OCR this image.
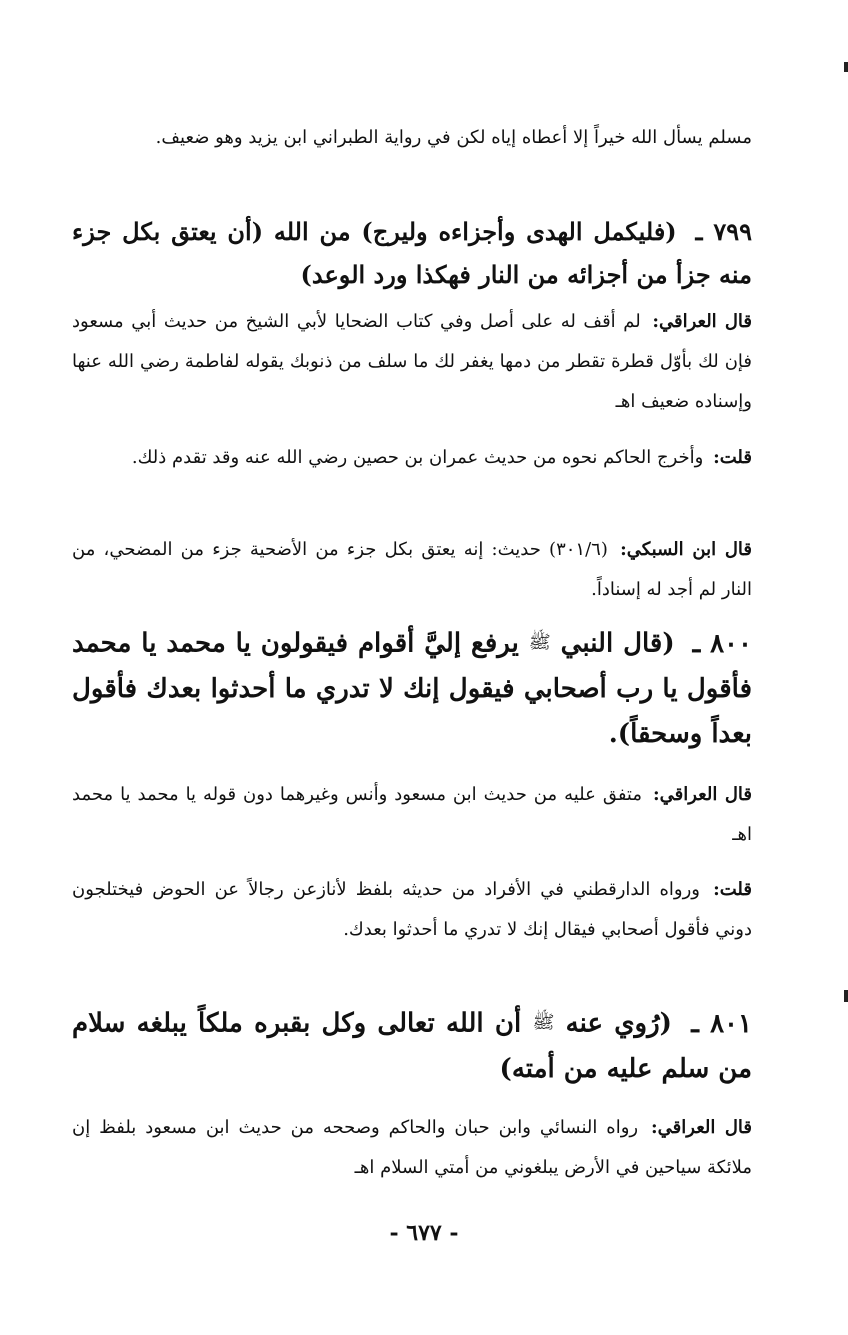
مسلم يسأل الله خيراً إلا أعطاه إياه لكن في رواية الطبراني ابن يزيد وهو ضعيف.
٧٩٩ ـ (فليكمل الهدى وأجزاءه وليرج) من الله (أن يعتق بكل جزء منه جزأ من أجزائه من النار فهكذا ورد الوعد)
قال العراقي: لم أقف له على أصل وفي كتاب الضحايا لأبي الشيخ من حديث أبي مسعود فإن لك بأوّل قطرة تقطر من دمها يغفر لك ما سلف من ذنوبك يقوله لفاطمة رضي الله عنها وإسناده ضعيف اهـ
قلت: وأخرج الحاكم نحوه من حديث عمران بن حصين رضي الله عنه وقد تقدم ذلك.
قال ابن السبكي: (٣٠١/٦) حديث: إنه يعتق بكل جزء من الأضحية جزء من المضحي، من النار لم أجد له إسناداً.
٨٠٠ ـ (قال النبي ﷺ يرفع إليَّ أقوام فيقولون يا محمد يا محمد فأقول يا رب أصحابي فيقول إنك لا تدري ما أحدثوا بعدك فأقول بعداً وسحقاً).
قال العراقي: متفق عليه من حديث ابن مسعود وأنس وغيرهما دون قوله يا محمد يا محمد اهـ
قلت: ورواه الدارقطني في الأفراد من حديثه بلفظ لأنازعن رجالاً عن الحوض فيختلجون دوني فأقول أصحابي فيقال إنك لا تدري ما أحدثوا بعدك.
٨٠١ ـ (رُوي عنه ﷺ أن الله تعالى وكل بقبره ملكاً يبلغه سلام من سلم عليه من أمته)
قال العراقي: رواه النسائي وابن حبان والحاكم وصححه من حديث ابن مسعود بلفظ إن ملائكة سياحين في الأرض يبلغوني من أمتي السلام اهـ
- ٦٧٧ -
